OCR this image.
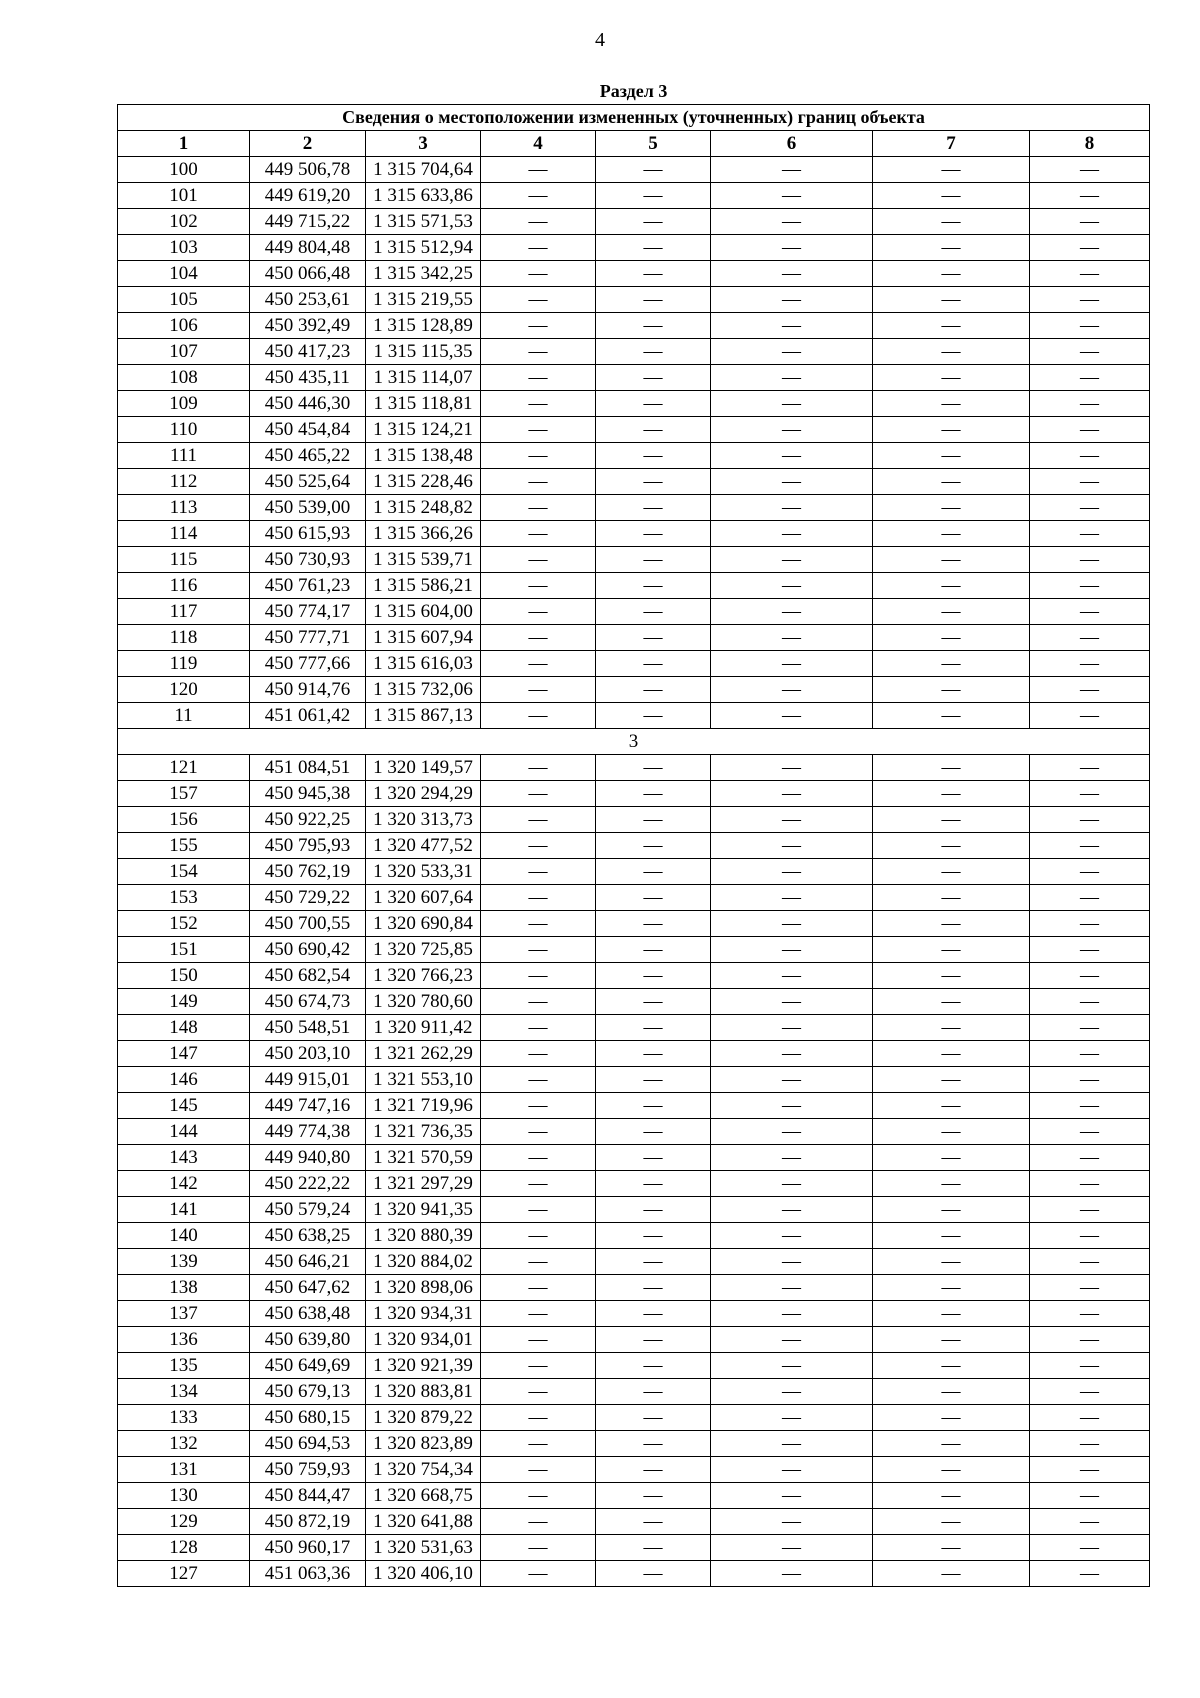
4
Раздел 3							
Сведения о местоположении измененных (уточненных) границ объекта							
1	2	3	4	5	6	7	8
100	449 506,78	1 315 704,64	—	—	—	—	—
101	449 619,20	1 315 633,86	—	—	—	—	—
102	449 715,22	1 315 571,53	—	—	—	—	—
103	449 804,48	1 315 512,94	—	—	—	—	—
104	450 066,48	1 315 342,25	—	—	—	—	—
105	450 253,61	1 315 219,55	—	—	—	—	—
106	450 392,49	1 315 128,89	—	—	—	—	—
107	450 417,23	1 315 115,35	—	—	—	—	—
108	450 435,11	1 315 114,07	—	—	—	—	—
109	450 446,30	1 315 118,81	—	—	—	—	—
110	450 454,84	1 315 124,21	—	—	—	—	—
111	450 465,22	1 315 138,48	—	—	—	—	—
112	450 525,64	1 315 228,46	—	—	—	—	—
113	450 539,00	1 315 248,82	—	—	—	—	—
114	450 615,93	1 315 366,26	—	—	—	—	—
115	450 730,93	1 315 539,71	—	—	—	—	—
116	450 761,23	1 315 586,21	—	—	—	—	—
117	450 774,17	1 315 604,00	—	—	—	—	—
118	450 777,71	1 315 607,94	—	—	—	—	—
119	450 777,66	1 315 616,03	—	—	—	—	—
120	450 914,76	1 315 732,06	—	—	—	—	—
11	451 061,42	1 315 867,13	—	—	—	—	—
3							
121	451 084,51	1 320 149,57	—	—	—	—	—
157	450 945,38	1 320 294,29	—	—	—	—	—
156	450 922,25	1 320 313,73	—	—	—	—	—
155	450 795,93	1 320 477,52	—	—	—	—	—
154	450 762,19	1 320 533,31	—	—	—	—	—
153	450 729,22	1 320 607,64	—	—	—	—	—
152	450 700,55	1 320 690,84	—	—	—	—	—
151	450 690,42	1 320 725,85	—	—	—	—	—
150	450 682,54	1 320 766,23	—	—	—	—	—
149	450 674,73	1 320 780,60	—	—	—	—	—
148	450 548,51	1 320 911,42	—	—	—	—	—
147	450 203,10	1 321 262,29	—	—	—	—	—
146	449 915,01	1 321 553,10	—	—	—	—	—
145	449 747,16	1 321 719,96	—	—	—	—	—
144	449 774,38	1 321 736,35	—	—	—	—	—
143	449 940,80	1 321 570,59	—	—	—	—	—
142	450 222,22	1 321 297,29	—	—	—	—	—
141	450 579,24	1 320 941,35	—	—	—	—	—
140	450 638,25	1 320 880,39	—	—	—	—	—
139	450 646,21	1 320 884,02	—	—	—	—	—
138	450 647,62	1 320 898,06	—	—	—	—	—
137	450 638,48	1 320 934,31	—	—	—	—	—
136	450 639,80	1 320 934,01	—	—	—	—	—
135	450 649,69	1 320 921,39	—	—	—	—	—
134	450 679,13	1 320 883,81	—	—	—	—	—
133	450 680,15	1 320 879,22	—	—	—	—	—
132	450 694,53	1 320 823,89	—	—	—	—	—
131	450 759,93	1 320 754,34	—	—	—	—	—
130	450 844,47	1 320 668,75	—	—	—	—	—
129	450 872,19	1 320 641,88	—	—	—	—	—
128	450 960,17	1 320 531,63	—	—	—	—	—
127	451 063,36	1 320 406,10	—	—	—	—	—
